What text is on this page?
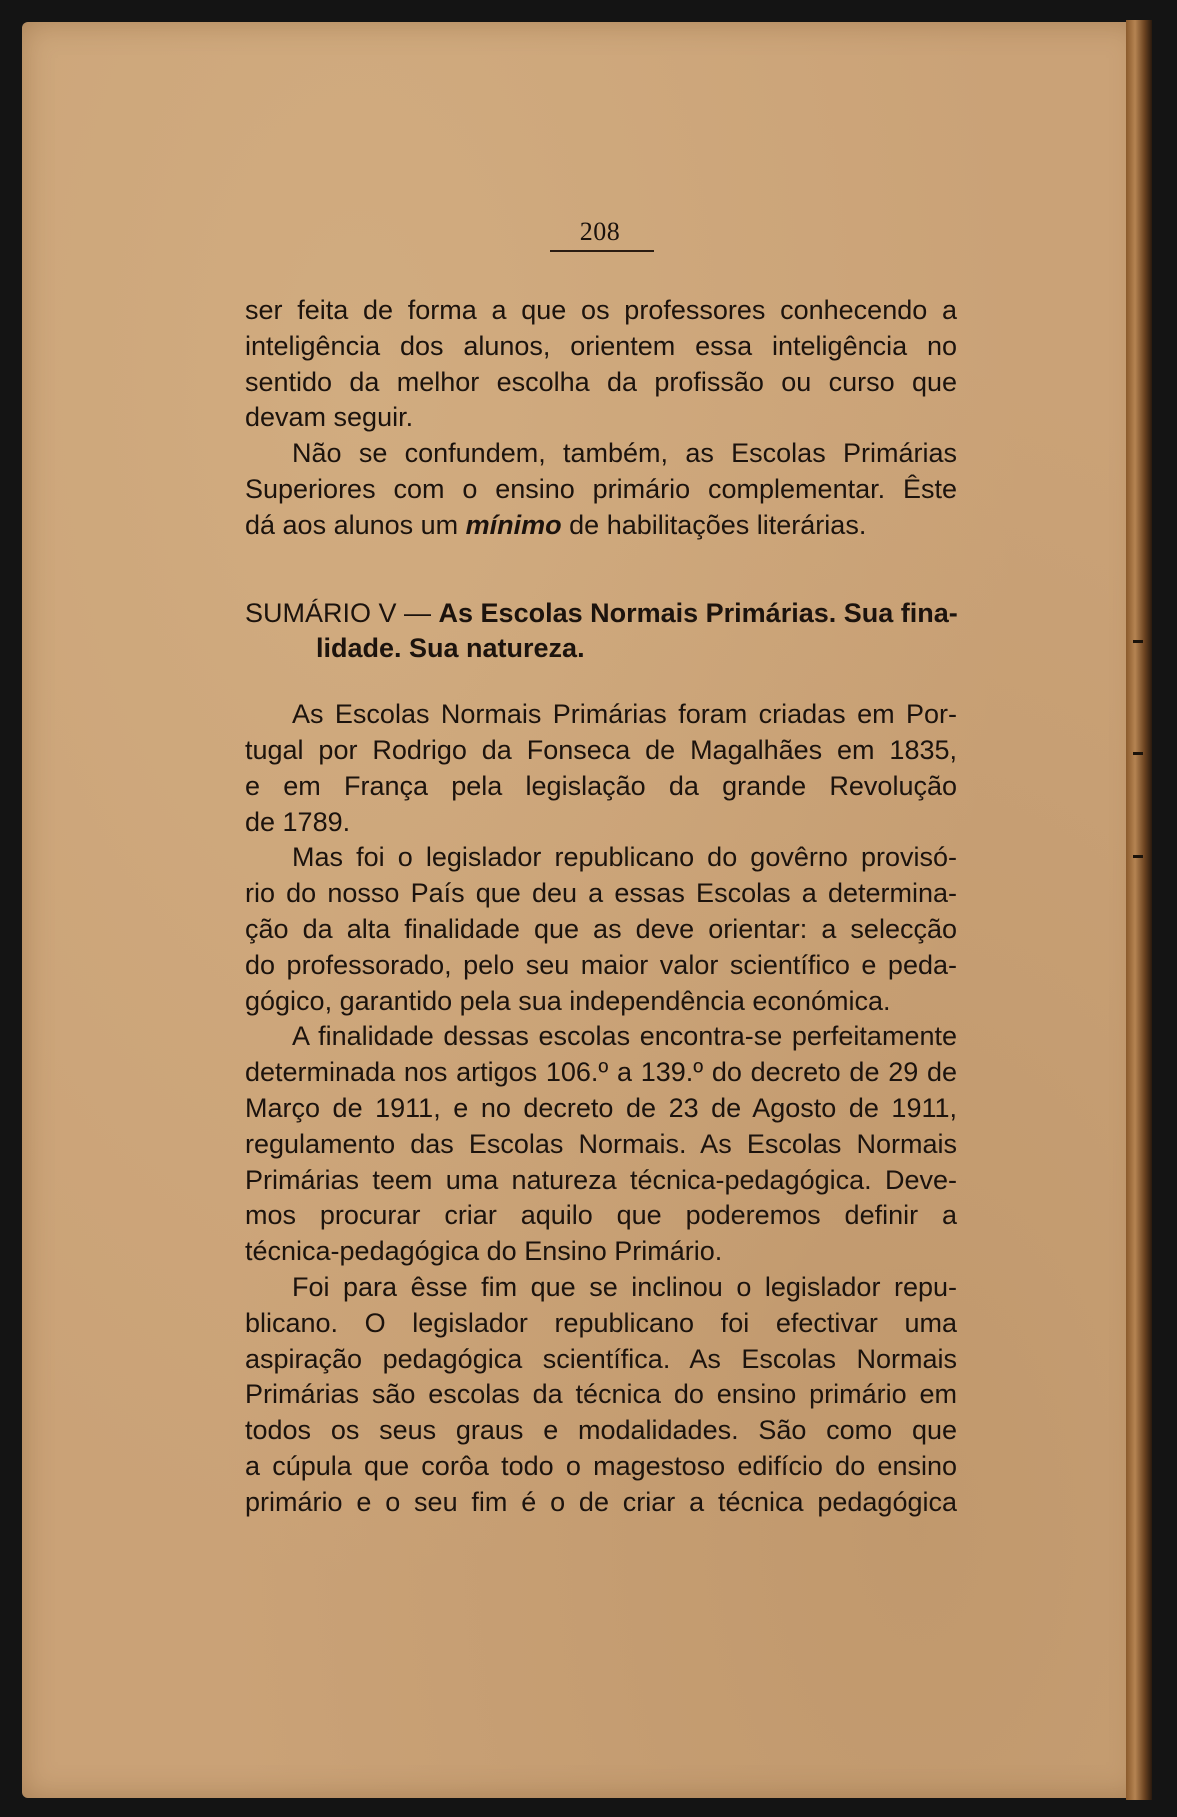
208
ser feita de forma a que os professores conhecendo a
inteligência dos alunos, orientem essa inteligência no
sentido da melhor escolha da profissão ou curso que
devam seguir.
Não se confundem, também, as Escolas Primárias
Superiores com o ensino primário complementar. Êste
dá aos alunos um mínimo de habilitações literárias.
SUMÁRIO V — As Escolas Normais Primárias. Sua fina-
lidade. Sua natureza.
As Escolas Normais Primárias foram criadas em Por-
tugal por Rodrigo da Fonseca de Magalhães em 1835,
e em França pela legislação da grande Revolução
de 1789.
Mas foi o legislador republicano do govêrno provisó-
rio do nosso País que deu a essas Escolas a determina-
ção da alta finalidade que as deve orientar: a selecção
do professorado, pelo seu maior valor scientífico e peda-
gógico, garantido pela sua independência económica.
A finalidade dessas escolas encontra-se perfeitamente
determinada nos artigos 106.º a 139.º do decreto de 29 de
Março de 1911, e no decreto de 23 de Agosto de 1911,
regulamento das Escolas Normais. As Escolas Normais
Primárias teem uma natureza técnica-pedagógica. Deve-
mos procurar criar aquilo que poderemos definir a
técnica-pedagógica do Ensino Primário.
Foi para êsse fim que se inclinou o legislador repu-
blicano. O legislador republicano foi efectivar uma
aspiração pedagógica scientífica. As Escolas Normais
Primárias são escolas da técnica do ensino primário em
todos os seus graus e modalidades. São como que
a cúpula que corôa todo o magestoso edifício do ensino
primário e o seu fim é o de criar a técnica pedagógica
